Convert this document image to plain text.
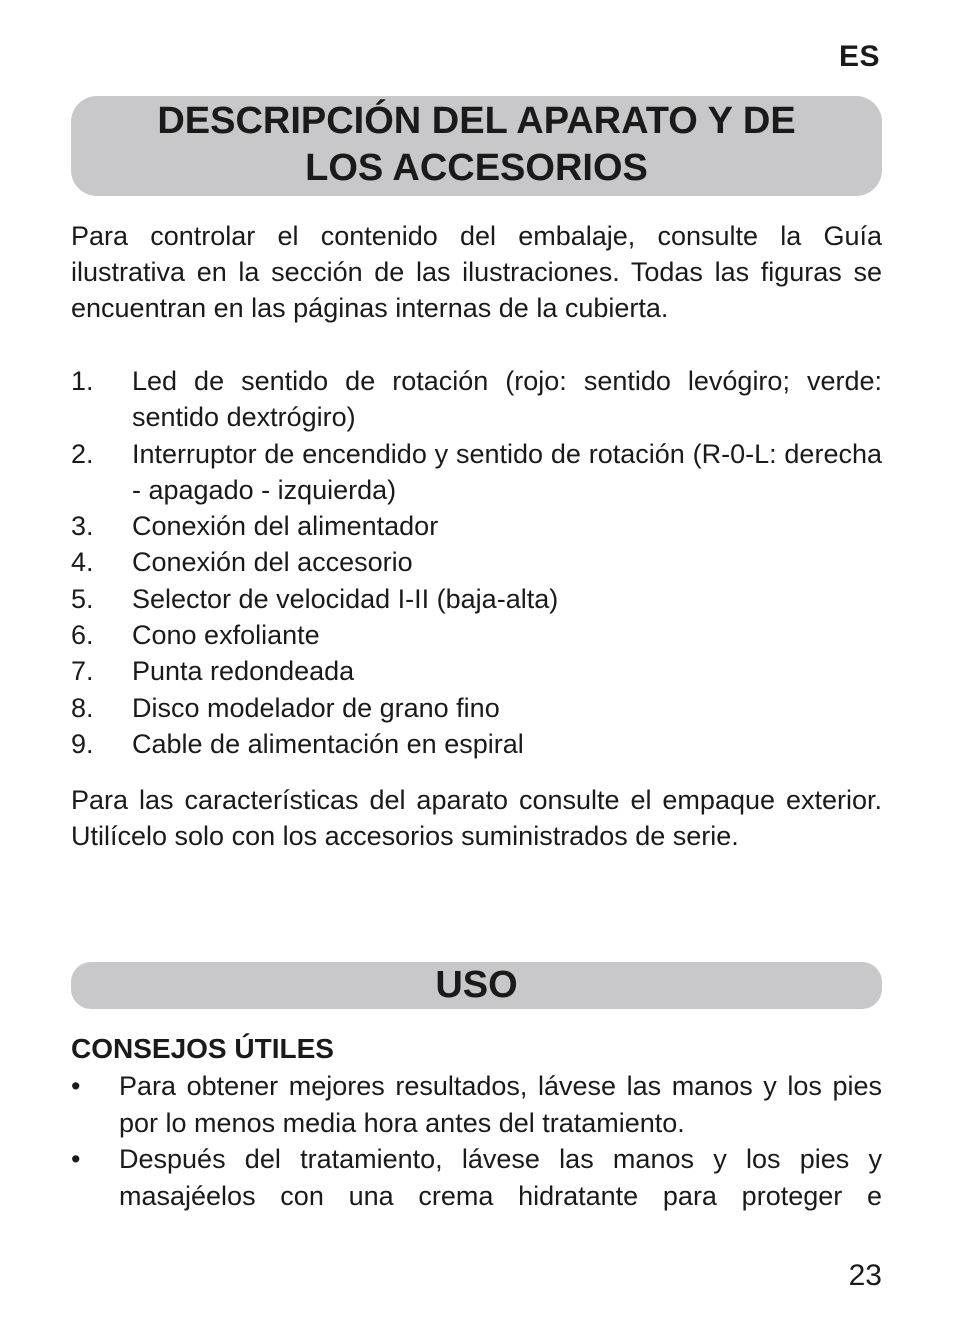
ES
DESCRIPCIÓN DEL APARATO Y DE
LOS ACCESORIOS
Para controlar el contenido del embalaje, consulte la Guía ilustrativa en la sección de las ilustraciones. Todas las figuras se encuentran en las páginas internas de la cubierta.
1. Led de sentido de rotación (rojo: sentido levógiro; verde: sentido dextrógiro)
2. Interruptor de encendido y sentido de rotación (R-0-L: derecha - apagado - izquierda)
3. Conexión del alimentador
4. Conexión del accesorio
5. Selector de velocidad I-II (baja-alta)
6. Cono exfoliante
7. Punta redondeada
8. Disco modelador de grano fino
9. Cable de alimentación en espiral
Para las características del aparato consulte el empaque exterior. Utilícelo solo con los accesorios suministrados de serie.
USO
CONSEJOS ÚTILES
• Para obtener mejores resultados, lávese las manos y los pies por lo menos media hora antes del tratamiento.
• Después del tratamiento, lávese las manos y los pies y masajéelos con una crema hidratante para proteger e
23
